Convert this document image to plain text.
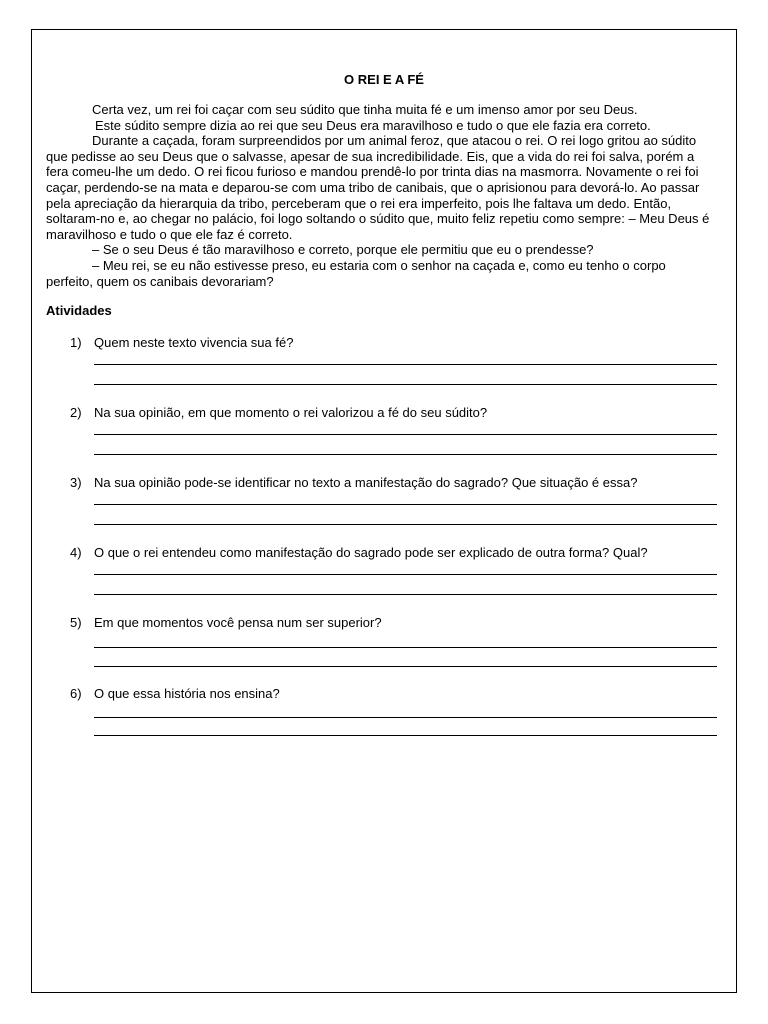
O REI E A FÉ

Certa vez, um rei foi caçar com seu súdito que tinha muita fé e um imenso amor por seu Deus.

Este súdito sempre dizia ao rei que seu Deus era maravilhoso e tudo o que ele fazia era correto.

Durante a caçada, foram surpreendidos por um animal feroz, que atacou o rei. O rei logo gritou ao súdito que pedisse ao seu Deus que o salvasse, apesar de sua incredibilidade. Eis, que a vida do rei foi salva, porém a fera comeu-lhe um dedo. O rei ficou furioso e mandou prendê-lo por trinta dias na masmorra. Novamente o rei foi caçar, perdendo-se na mata e deparou-se com uma tribo de canibais, que o aprisionou para devorá-lo. Ao passar pela apreciação da hierarquia da tribo, perceberam que o rei era imperfeito, pois lhe faltava um dedo. Então, soltaram-no e, ao chegar no palácio, foi logo soltando o súdito que, muito feliz repetiu como sempre: – Meu Deus é maravilhoso e tudo o que ele faz é correto.

– Se o seu Deus é tão maravilhoso e correto, porque ele permitiu que eu o prendesse?

– Meu rei, se eu não estivesse preso, eu estaria com o senhor na caçada e, como eu tenho o corpo perfeito, quem os canibais devorariam?

Atividades
1) Quem neste texto vivencia sua fé?
2) Na sua opinião, em que momento o rei valorizou a fé do seu súdito?
3) Na sua opinião pode-se identificar no texto a manifestação do sagrado? Que situação é essa?
4) O que o rei entendeu como manifestação do sagrado pode ser explicado de outra forma? Qual?
5) Em que momentos você pensa num ser superior?
6) O que essa história nos ensina?
